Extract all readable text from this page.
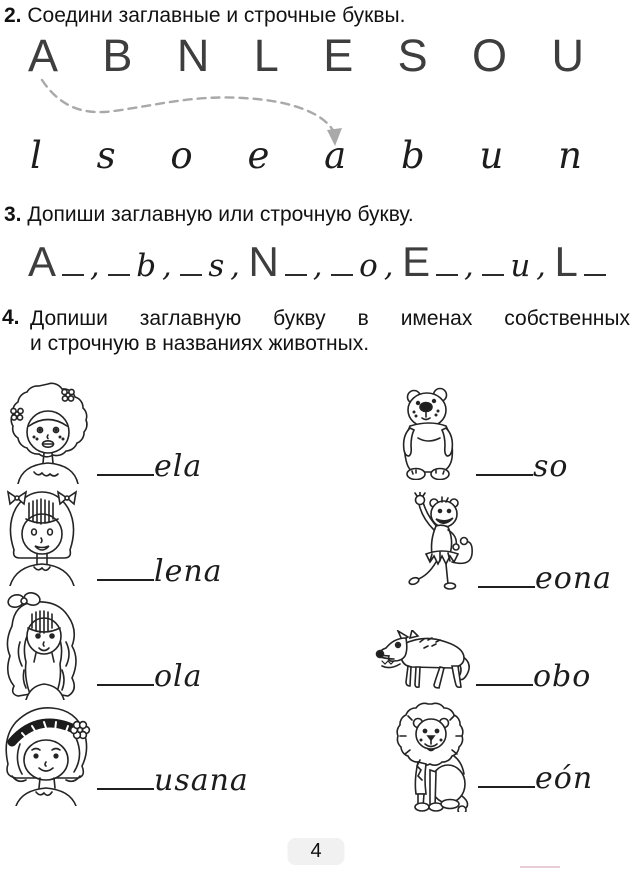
2. Соедини заглавные и строчные буквы.
A B N L E S O U
l s o e a b u n
3. Допиши заглавную или строчную букву.
A , b , s , N , o , E , u , L
4. Допиши заглавную букву в именах собственных
и строчную в названиях животных.
ela
lena
ola
usana
so
eona
obo
eón
4
